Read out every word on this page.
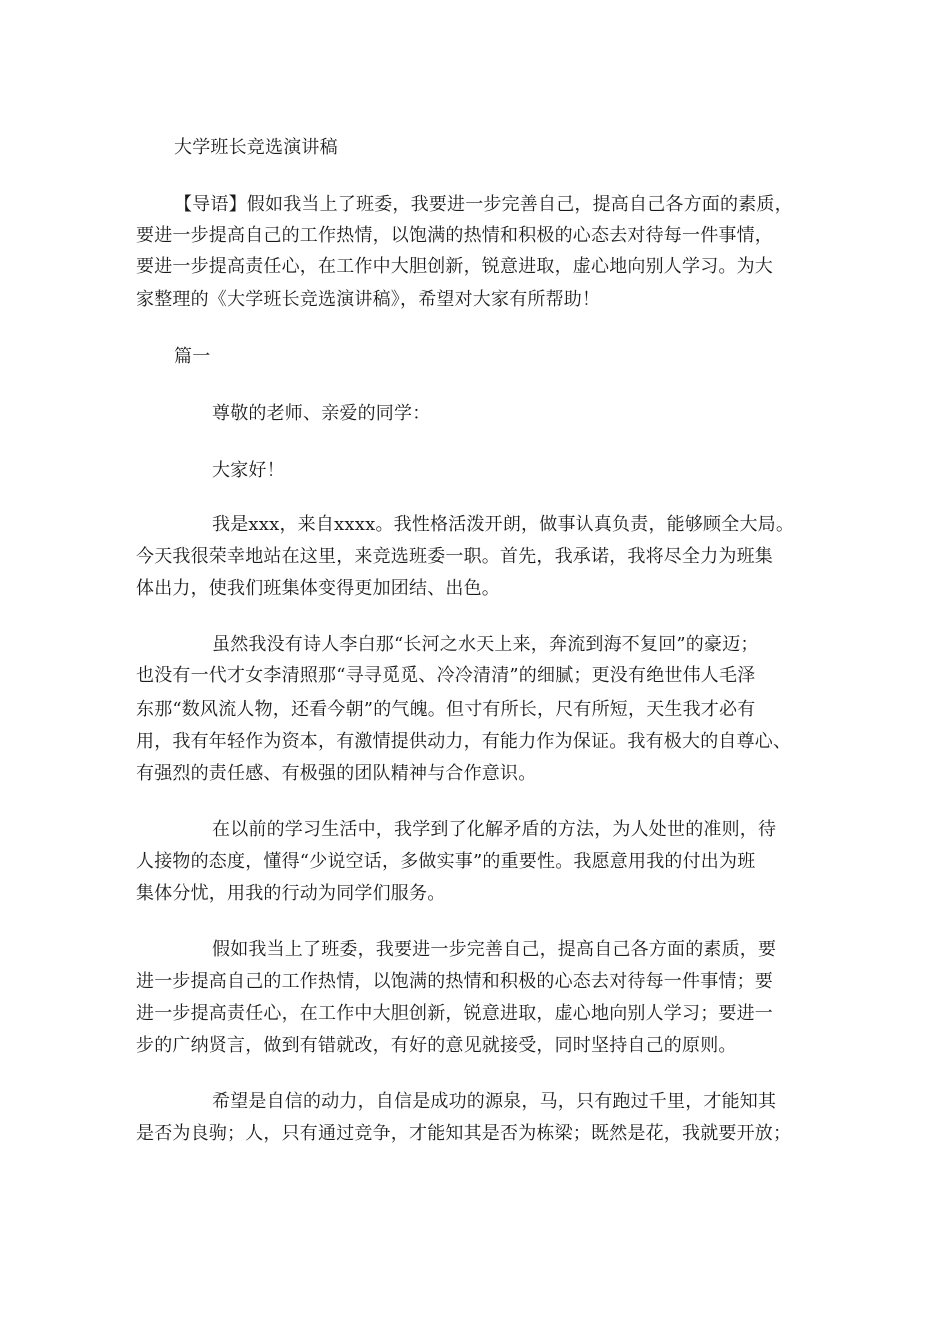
大学班长竞选演讲稿
【导语】假如我当上了班委，我要进一步完善自己，提高自己各方面的素质，
要进一步提高自己的工作热情，以饱满的热情和积极的心态去对待每一件事情，
要进一步提高责任心，在工作中大胆创新，锐意进取，虚心地向别人学习。为大
家整理的《大学班长竞选演讲稿》，希望对大家有所帮助！
篇一
尊敬的老师、亲爱的同学：
大家好！
我是xxx，来自xxxx。我性格活泼开朗，做事认真负责，能够顾全大局。
今天我很荣幸地站在这里，来竞选班委一职。首先，我承诺，我将尽全力为班集
体出力，使我们班集体变得更加团结、出色。
虽然我没有诗人李白那“长河之水天上来，奔流到海不复回”的豪迈；
也没有一代才女李清照那“寻寻觅觅、冷冷清清”的细腻；更没有绝世伟人毛泽
东那“数风流人物，还看今朝”的气魄。但寸有所长，尺有所短，天生我才必有
用，我有年轻作为资本，有激情提供动力，有能力作为保证。我有极大的自尊心、
有强烈的责任感、有极强的团队精神与合作意识。
在以前的学习生活中，我学到了化解矛盾的方法，为人处世的准则，待
人接物的态度，懂得“少说空话，多做实事”的重要性。我愿意用我的付出为班
集体分忧，用我的行动为同学们服务。
假如我当上了班委，我要进一步完善自己，提高自己各方面的素质，要
进一步提高自己的工作热情，以饱满的热情和积极的心态去对待每一件事情；要
进一步提高责任心，在工作中大胆创新，锐意进取，虚心地向别人学习；要进一
步的广纳贤言，做到有错就改，有好的意见就接受，同时坚持自己的原则。
希望是自信的动力，自信是成功的源泉，马，只有跑过千里，才能知其
是否为良驹；人，只有通过竞争，才能知其是否为栋梁；既然是花，我就要开放；
